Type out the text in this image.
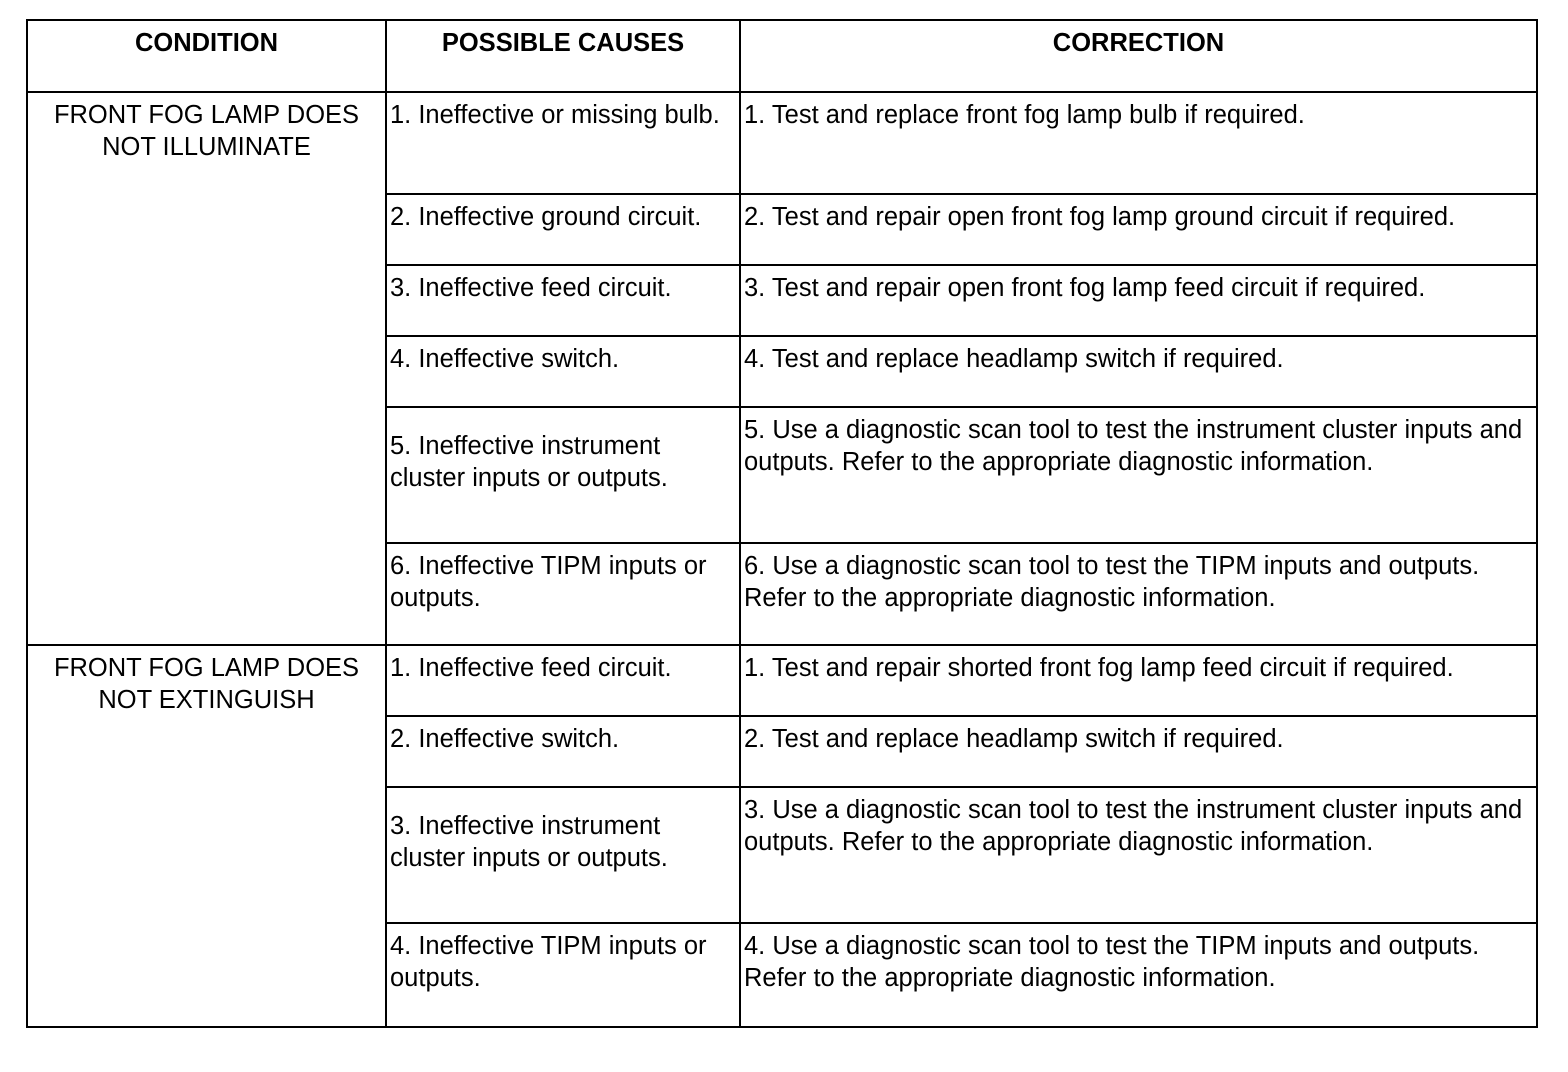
CONDITION	POSSIBLE CAUSES	CORRECTION
FRONT FOG LAMP DOES NOT ILLUMINATE	1. Ineffective or missing bulb.	1. Test and replace front fog lamp bulb if required.
	2. Ineffective ground circuit.	2. Test and repair open front fog lamp ground circuit if required.
	3. Ineffective feed circuit.	3. Test and repair open front fog lamp feed circuit if required.
	4. Ineffective switch.	4. Test and replace headlamp switch if required.
	5. Ineffective instrument cluster inputs or outputs.	5. Use a diagnostic scan tool to test the instrument cluster inputs and outputs. Refer to the appropriate diagnostic information.
	6. Ineffective TIPM inputs or outputs.	6. Use a diagnostic scan tool to test the TIPM inputs and outputs. Refer to the appropriate diagnostic information.
FRONT FOG LAMP DOES NOT EXTINGUISH	1. Ineffective feed circuit.	1. Test and repair shorted front fog lamp feed circuit if required.
	2. Ineffective switch.	2. Test and replace headlamp switch if required.
	3. Ineffective instrument cluster inputs or outputs.	3. Use a diagnostic scan tool to test the instrument cluster inputs and outputs. Refer to the appropriate diagnostic information.
	4. Ineffective TIPM inputs or outputs.	4. Use a diagnostic scan tool to test the TIPM inputs and outputs. Refer to the appropriate diagnostic information.
